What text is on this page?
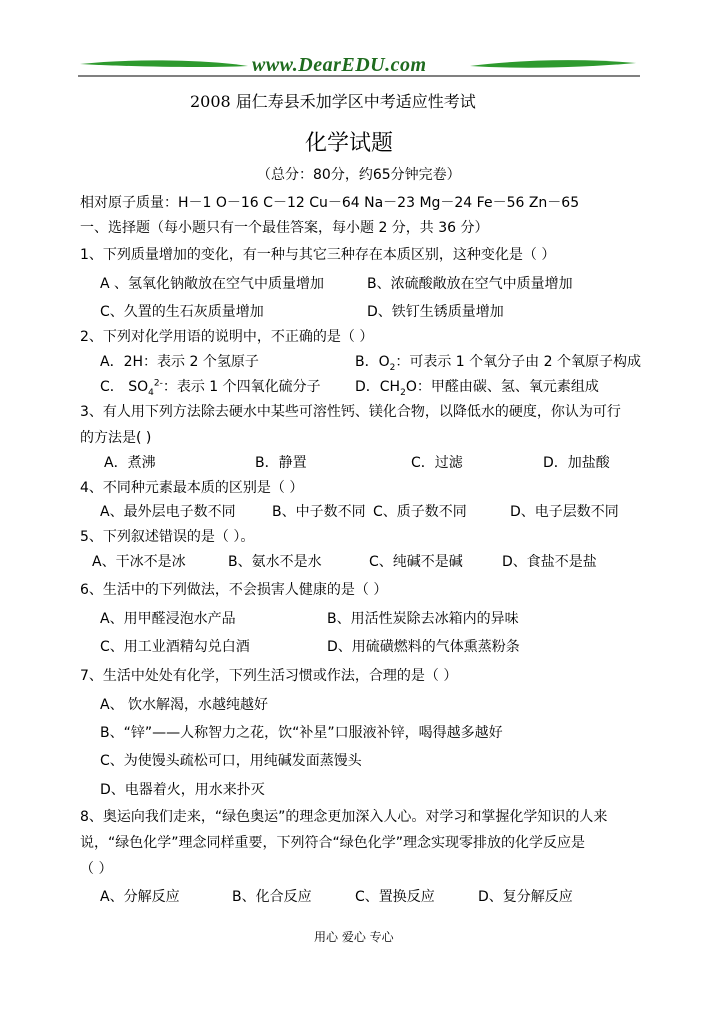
www.DearEDU.com
2008 届仁寿县禾加学区中考适应性考试
化学试题
（总分：80分，约65分钟完卷）
相对原子质量：H－1 O－16 C－12 Cu－64 Na－23 Mg－24 Fe－56 Zn－65
一、选择题（每小题只有一个最佳答案，每小题 2 分，共 36 分）
1、下列质量增加的变化，有一种与其它三种存在本质区别，这种变化是（ ）
A 、氢氧化钠敞放在空气中质量增加	B、浓硫酸敞放在空气中质量增加
C、久置的生石灰质量增加	D、铁钉生锈质量增加
2、下列对化学用语的说明中，不正确的是（ ）
A．2H：表示 2 个氢原子	B．$O_2$：可表示 1 个氧分子由 2 个氧原子构成
C． $SO_4^{2-}$：表示 1 个四氧化硫分子 D．$CH_2O$：甲醛由碳、氢、氧元素组成
3、有人用下列方法除去硬水中某些可溶性钙、镁化合物，以降低水的硬度，你认为可行
的方法是( )
A．煮沸	B．静置	C．过滤	D．加盐酸
4、不同种元素最本质的区别是（ ）
A、最外层电子数不同	B、中子数不同 C、质子数不同	D、电子层数不同
5、下列叙述错误的是（ ）。
A、干冰不是冰	B、氨水不是水	C、纯碱不是碱	D、食盐不是盐
6、生活中的下列做法，不会损害人健康的是（ ）
A、用甲醛浸泡水产品	B、用活性炭除去冰箱内的异味
C、用工业酒精勾兑白酒	D、用硫磺燃料的气体熏蒸粉条
7、生活中处处有化学，下列生活习惯或作法，合理的是（ ）
A、 饮水解渴，水越纯越好
B、“锌”——人称智力之花，饮“补星”口服液补锌，喝得越多越好
C、为使馒头疏松可口，用纯碱发面蒸馒头
D、电器着火，用水来扑灭
8、奥运向我们走来，“绿色奥运”的理念更加深入人心。对学习和掌握化学知识的人来
说，“绿色化学”理念同样重要，下列符合“绿色化学”理念实现零排放的化学反应是
（ ）
A、分解反应	B、化合反应	C、置换反应	D、复分解反应
用心 爱心 专心
